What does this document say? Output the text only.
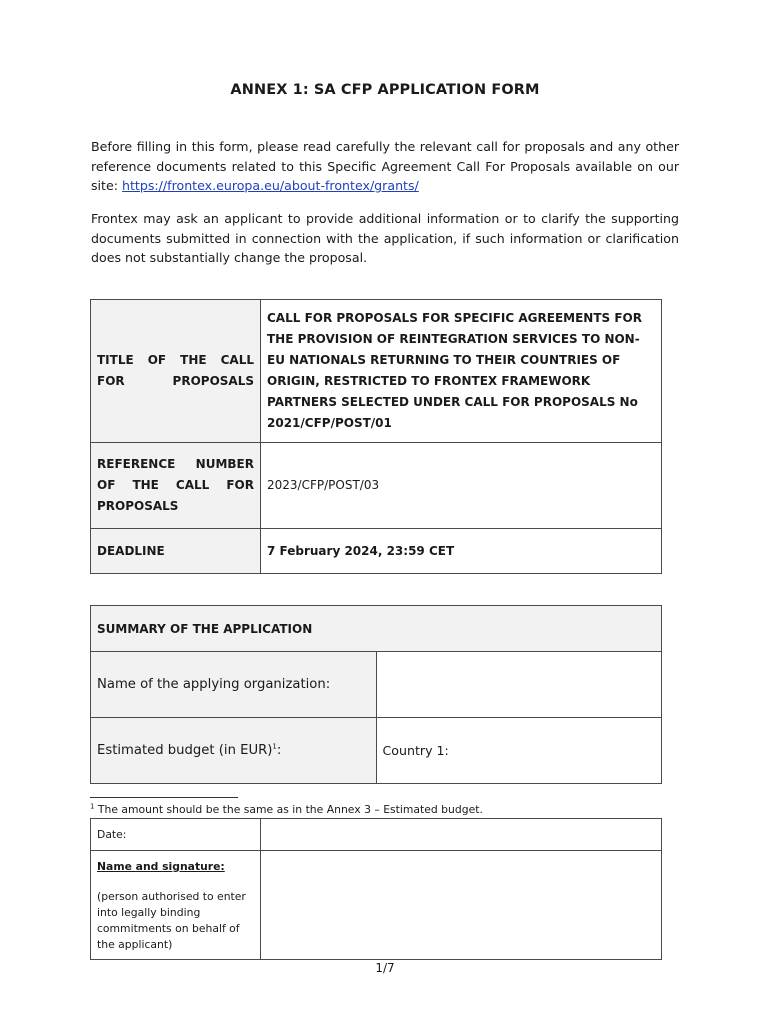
ANNEX 1: SA CFP APPLICATION FORM
Before filling in this form, please read carefully the relevant call for proposals and any other reference documents related to this Specific Agreement Call For Proposals available on our site: https://frontex.europa.eu/about-frontex/grants/
Frontex may ask an applicant to provide additional information or to clarify the supporting documents submitted in connection with the application, if such information or clarification does not substantially change the proposal.
TITLE OF THE CALL FOR PROPOSALS	CALL FOR PROPOSALS FOR SPECIFIC AGREEMENTS FOR THE PROVISION OF REINTEGRATION SERVICES TO NON-EU NATIONALS RETURNING TO THEIR COUNTRIES OF ORIGIN, RESTRICTED TO FRONTEX FRAMEWORK PARTNERS SELECTED UNDER CALL FOR PROPOSALS No 2021/CFP/POST/01
REFERENCE NUMBER OF THE CALL FOR PROPOSALS	2023/CFP/POST/03
DEADLINE	7 February 2024, 23:59 CET
SUMMARY OF THE APPLICATION	
Name of the applying organization:	
Estimated budget (in EUR)$^1$:	Country 1:
$^1$ The amount should be the same as in the Annex 3 – Estimated budget.
Date:	

Name and signature:
(person authorised to enter into legally binding commitments on behalf of the applicant)	

1/7
